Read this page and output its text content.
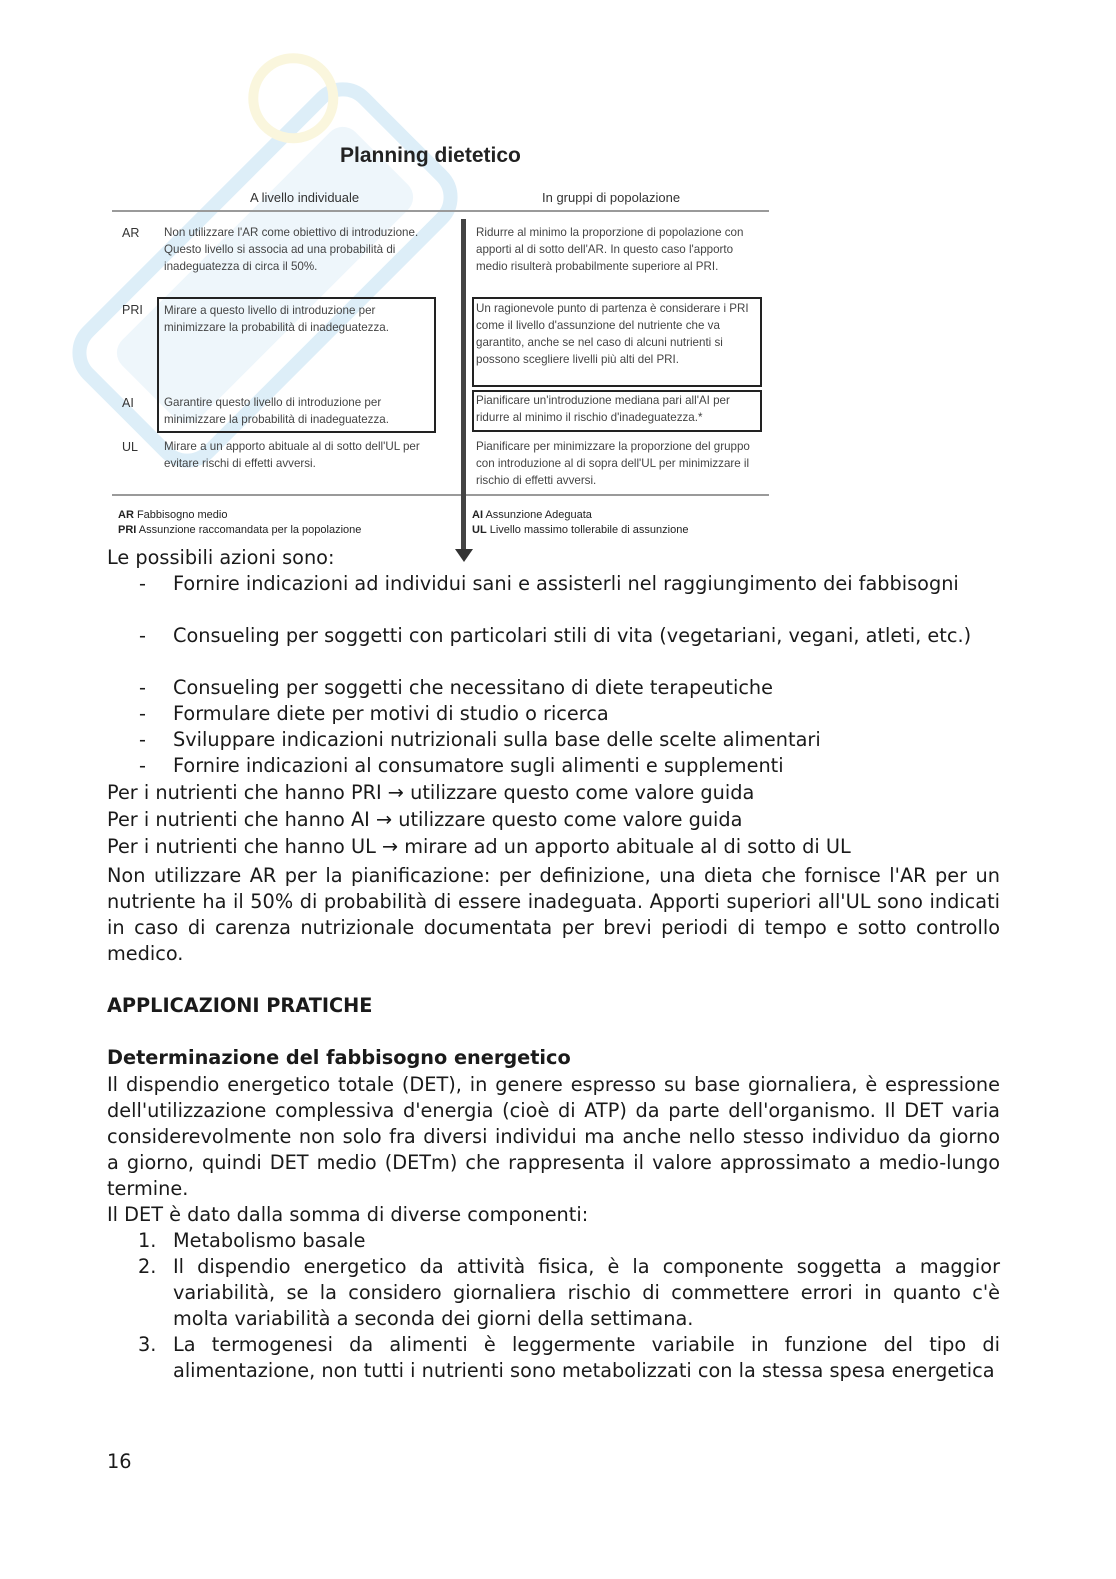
Planning dietetico
A livello individuale	In gruppi di popolazione
AR Non utilizzare l'AR come obiettivo di introduzione. Questo livello si associa ad una probabilità di inadeguatezza di circa il 50%.
Ridurre al minimo la proporzione di popolazione con apporti al di sotto dell'AR. In questo caso l'apporto medio risulterà probabilmente superiore al PRI.
PRI Mirare a questo livello di introduzione per minimizzare la probabilità di inadeguatezza.
Un ragionevole punto di partenza è considerare i PRI come il livello d'assunzione del nutriente che va garantito, anche se nel caso di alcuni nutrienti si possono scegliere livelli più alti del PRI.
AI	Garantire questo livello di introduzione per minimizzare la probabilità di inadeguatezza.
Pianificare un'introduzione mediana pari all'AI per ridurre al minimo il rischio d'inadeguatezza.*
UL Mirare a un apporto abituale al di sotto dell'UL per evitare rischi di effetti avversi.
Pianificare per minimizzare la proporzione del gruppo con introduzione al di sopra dell'UL per minimizzare il rischio di effetti avversi.
AR Fabbisogno medio
PRI Assunzione raccomandata per la popolazione
AI Assunzione Adeguata
UL Livello massimo tollerabile di assunzione
Le possibili azioni sono:
- Fornire indicazioni ad individui sani e assisterli nel raggiungimento dei fabbisogni
- Consueling per soggetti con particolari stili di vita (vegetariani, vegani, atleti, etc.)
- Consueling per soggetti che necessitano di diete terapeutiche
- Formulare diete per motivi di studio o ricerca
- Sviluppare indicazioni nutrizionali sulla base delle scelte alimentari
- Fornire indicazioni al consumatore sugli alimenti e supplementi
Per i nutrienti che hanno PRI → utilizzare questo come valore guida
Per i nutrienti che hanno AI → utilizzare questo come valore guida
Per i nutrienti che hanno UL → mirare ad un apporto abituale al di sotto di UL
Non utilizzare AR per la pianificazione: per definizione, una dieta che fornisce l'AR per un nutriente ha il 50% di probabilità di essere inadeguata. Apporti superiori all'UL sono indicati in caso di carenza nutrizionale documentata per brevi periodi di tempo e sotto controllo medico.
APPLICAZIONI PRATICHE
Determinazione del fabbisogno energetico
Il dispendio energetico totale (DET), in genere espresso su base giornaliera, è espressione dell'utilizzazione complessiva d'energia (cioè di ATP) da parte dell'organismo. Il DET varia considerevolmente non solo fra diversi individui ma anche nello stesso individuo da giorno a giorno, quindi DET medio (DETm) che rappresenta il valore approssimato a medio-lungo termine.
Il DET è dato dalla somma di diverse componenti:
1. Metabolismo basale
2. Il dispendio energetico da attività fisica, è la componente soggetta a maggior variabilità, se la considero giornaliera rischio di commettere errori in quanto c'è molta variabilità a seconda dei giorni della settimana.
3. La termogenesi da alimenti è leggermente variabile in funzione del tipo di alimentazione, non tutti i nutrienti sono metabolizzati con la stessa spesa energetica
16
